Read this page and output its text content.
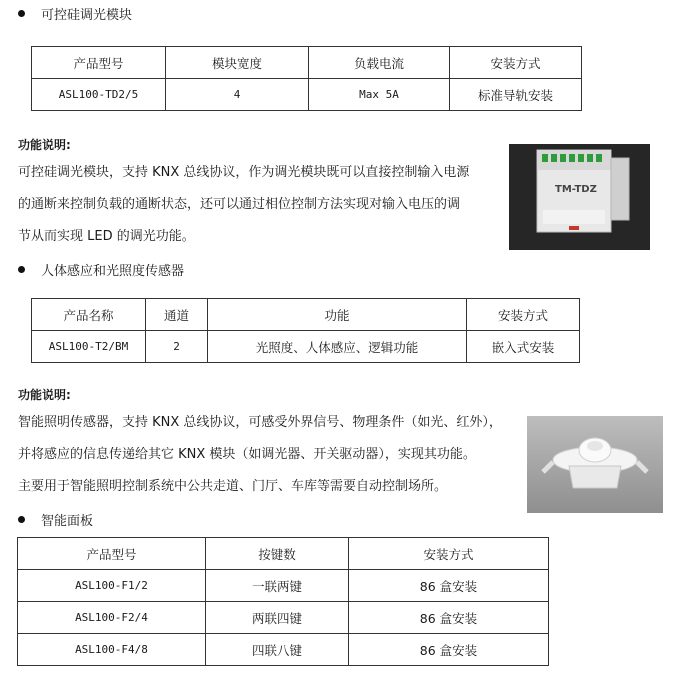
可控硅调光模块
产品型号	模块宽度	负载电流	安装方式
ASL100-TD2/5	4	Max 5A	标准导轨安装
功能说明:
可控硅调光模块，支持 KNX 总线协议，作为调光模块既可以直接控制输入电源
的通断来控制负载的通断状态，还可以通过相位控制方法实现对输入电压的调
节从而实现 LED 的调光功能。
TM-TDZ
人体感应和光照度传感器
产品名称	通道	功能	安装方式
ASL100-T2/BM	2	光照度、人体感应、逻辑功能	嵌入式安装
功能说明:
智能照明传感器，支持 KNX 总线协议，可感受外界信号、物理条件（如光、红外），
并将感应的信息传递给其它 KNX 模块（如调光器、开关驱动器），实现其功能。
主要用于智能照明控制系统中公共走道、门厅、车库等需要自动控制场所。
智能面板
产品型号	按键数	安装方式
ASL100-F1/2	一联两键	86 盒安装
ASL100-F2/4	两联四键	86 盒安装
ASL100-F4/8	四联八键	86 盒安装
